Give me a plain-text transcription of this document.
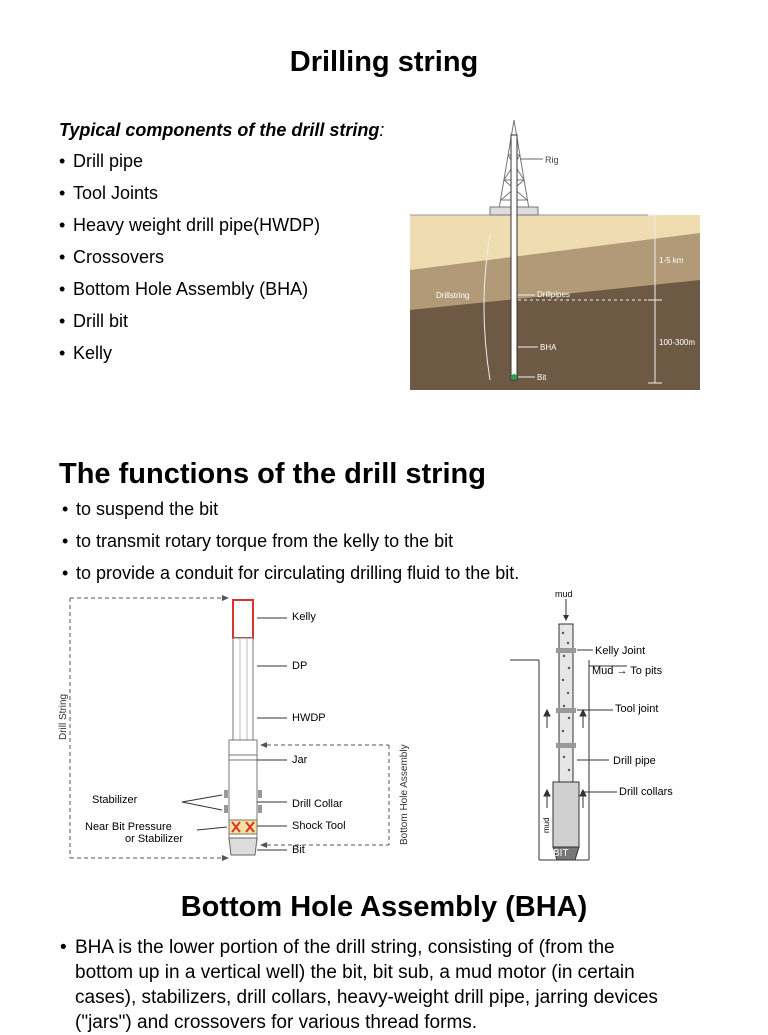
Drilling string
Typical components of the drill string:
• Drill pipe
• Tool Joints
• Heavy weight drill pipe(HWDP)
• Crossovers
• Bottom Hole Assembly (BHA)
• Drill bit
• Kelly
Rig
1-5 km
Drillstring	Drillpipes
100-300m
BHA
Bit
The functions of the drill string
• to suspend the bit
• to transmit rotary torque from the kelly to the bit
• to provide a conduit for circulating drilling fluid to the bit.
Drill String
Bottom Hole Assembly
Kelly
DP
HWDP
Jar
Stabilizer	Drill Collar
Near Bit Pressure
or Stabilizer
Shock Tool
Bit
mud
BIT
mud
Kelly Joint
Mud → To pits
Tool joint
Drill pipe
Drill collars
Bottom Hole Assembly (BHA)
• BHA is the lower portion of the drill string, consisting of (from the
bottom up in a vertical well) the bit, bit sub, a mud motor (in certain
cases), stabilizers, drill collars, heavy-weight drill pipe, jarring devices
("jars") and crossovers for various thread forms.
